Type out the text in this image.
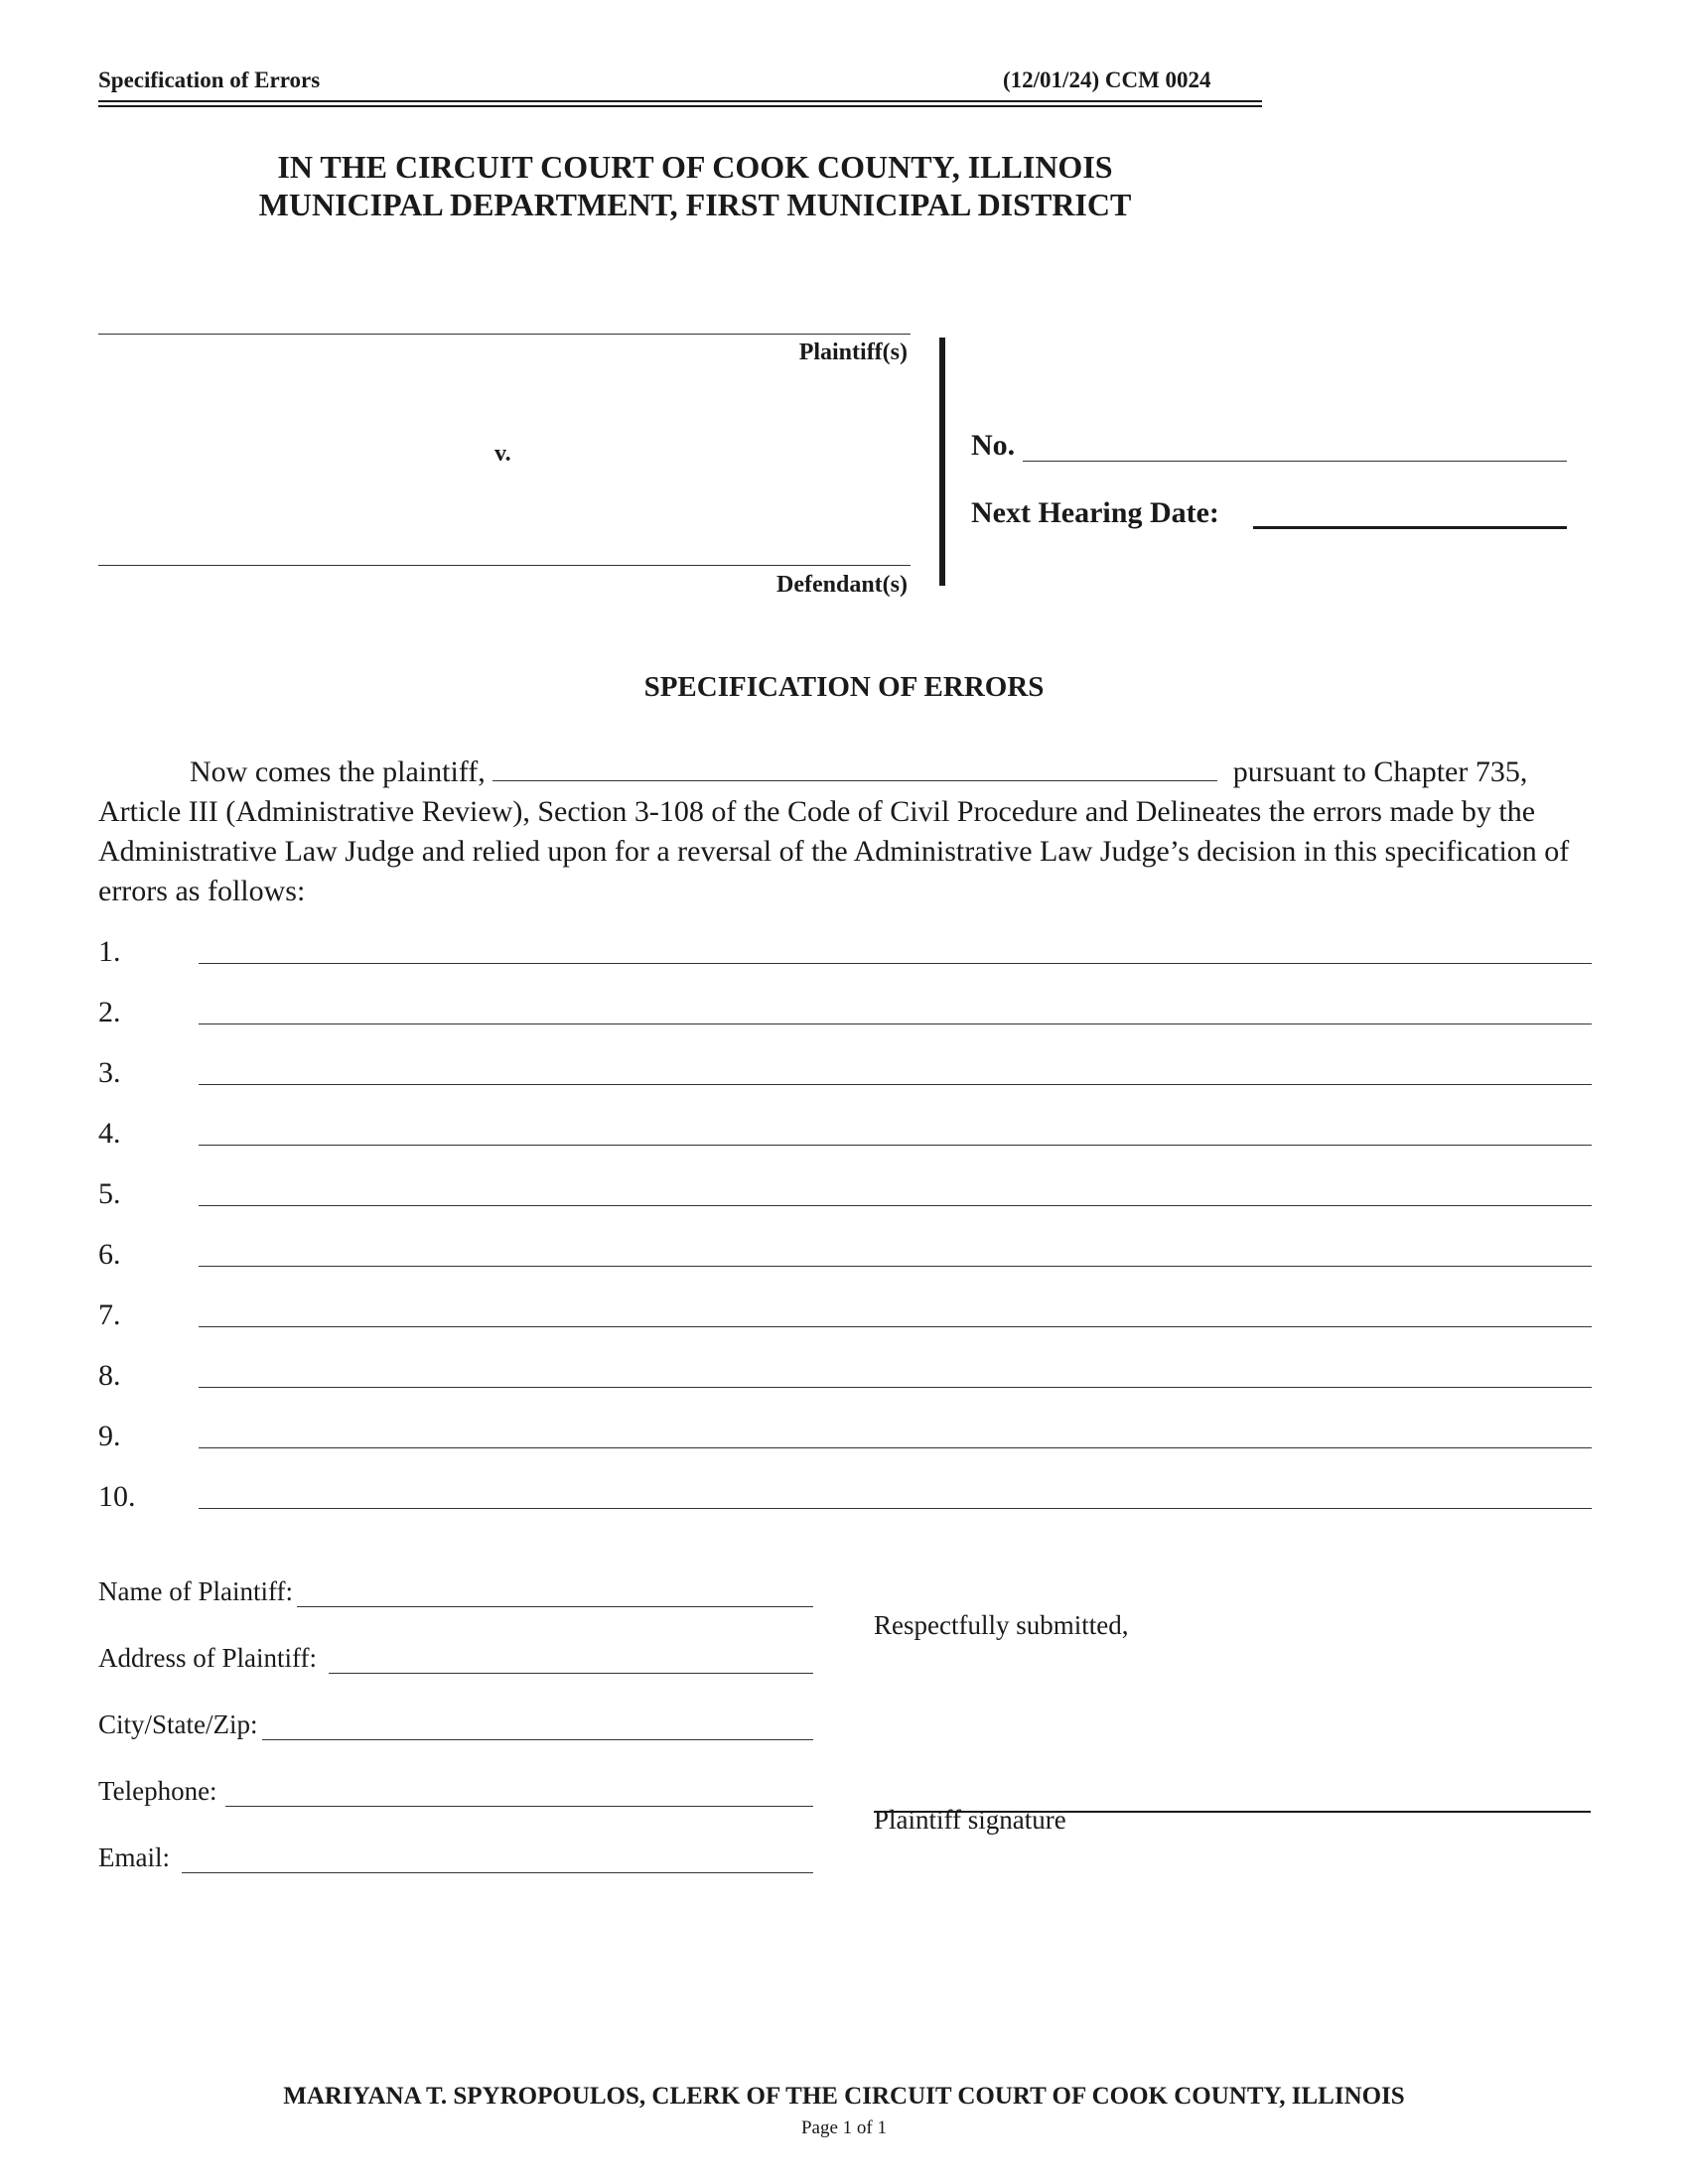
Specification of Errors	(12/01/24) CCM 0024
IN THE CIRCUIT COURT OF COOK COUNTY, ILLINOIS
MUNICIPAL DEPARTMENT, FIRST MUNICIPAL DISTRICT
Plaintiff(s)
v.
Defendant(s)
No.
Next Hearing Date:
SPECIFICATION OF ERRORS
Now comes the plaintiff,	pursuant to Chapter 735, Article III (Administrative Review), Section 3-108 of the Code of Civil Procedure and Delineates the errors made by the Administrative Law Judge and relied upon for a reversal of the Administrative Law Judge’s decision in this specification of errors as follows:
1.
2.
3.
4.
5.
6.
7.
8.
9.
10.
Name of Plaintiff:
Address of Plaintiff:
City/State/Zip:
Telephone:
Email:
Respectfully submitted,
Plaintiff signature
MARIYANA T. SPYROPOULOS, CLERK OF THE CIRCUIT COURT OF COOK COUNTY, ILLINOIS
Page 1 of 1
